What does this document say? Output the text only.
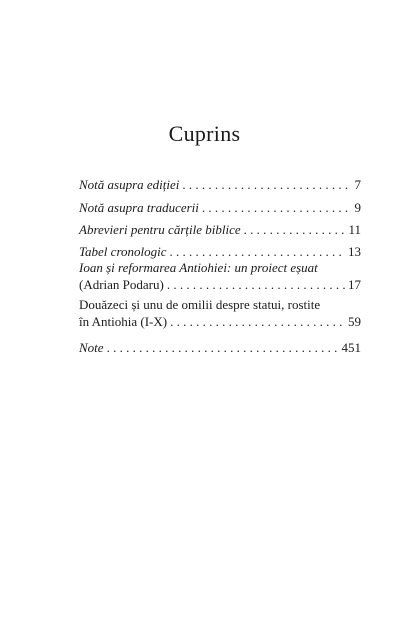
Cuprins
Notă asupra ediției . . .	7
Notă asupra traducerii . . .	9
Abrevieri pentru cărțile biblice . . .	11
Tabel cronologic . . .	13
Ioan și reformarea Antiohiei: un proiect eșuat
(Adrian Podaru) . . .	17
Douăzeci și unu de omilii despre statui, rostite
în Antiohia (I-X) . . .	59
Note . . .	451
